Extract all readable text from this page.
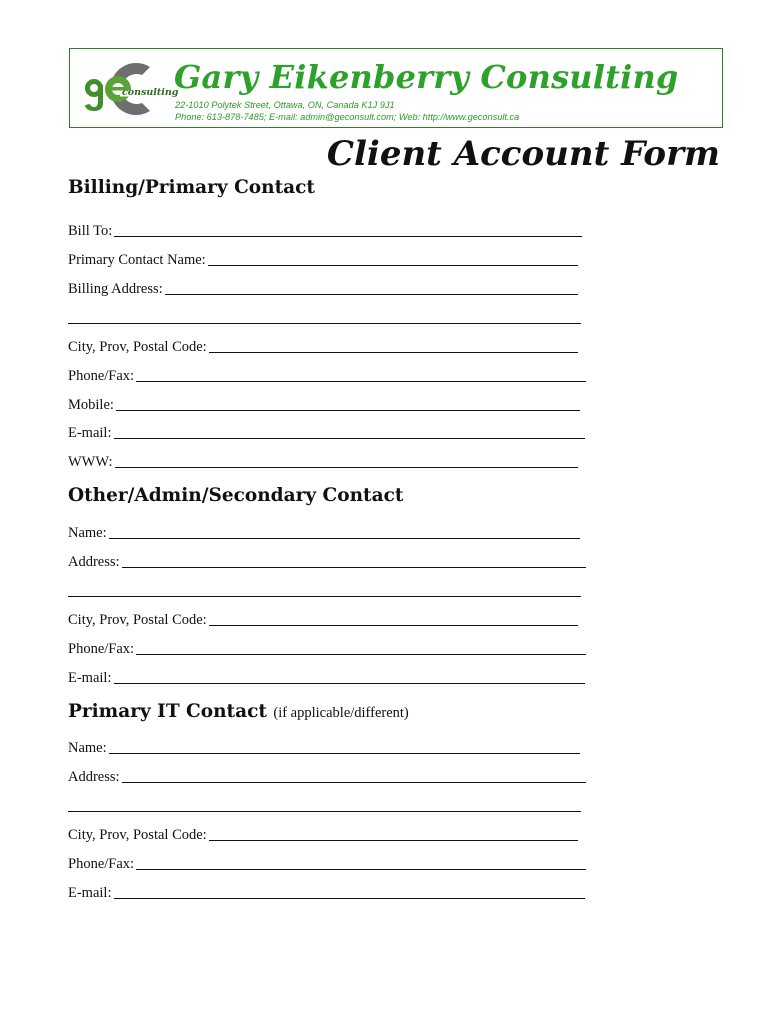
consulting
Gary Eikenberry Consulting
22-1010 Polytek Street, Ottawa, ON, Canada K1J 9J1
Phone: 613-878-7485; E-mail: admin@geconsult.com; Web: http://www.geconsult.ca
Client Account Form
Billing/Primary Contact
Bill To:
Primary Contact Name:
Billing Address:
City, Prov, Postal Code:
Phone/Fax:
Mobile:
E-mail:
WWW:
Other/Admin/Secondary Contact
Name:
Address:
City, Prov, Postal Code:
Phone/Fax:
E-mail:
Primary IT Contact (if applicable/different)
Name:
Address:
City, Prov, Postal Code:
Phone/Fax:
E-mail:
